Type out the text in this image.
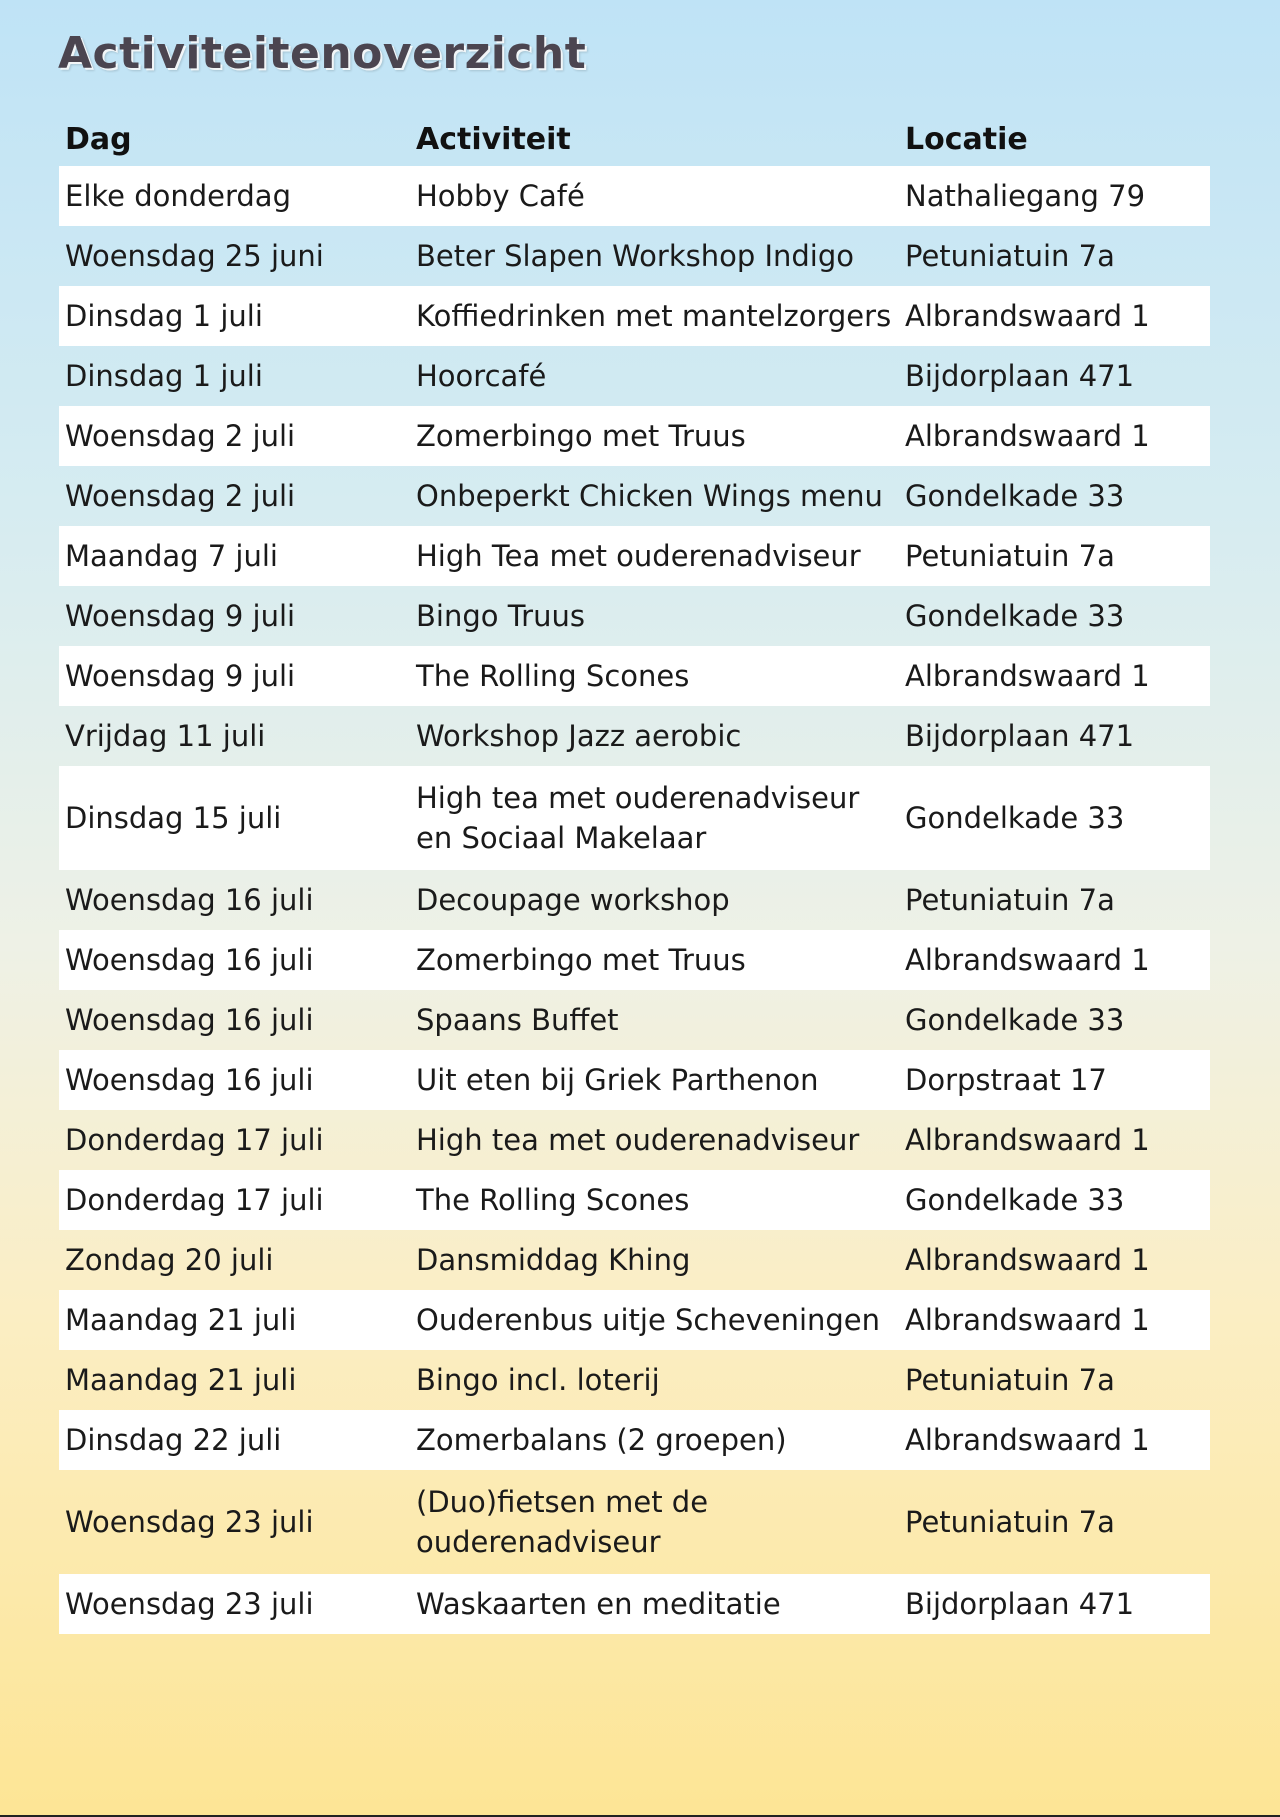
Activiteitenoverzicht
Dag	Activiteit	Locatie
Elke donderdag	Hobby Café	Nathaliegang 79
Woensdag 25 juni	Beter Slapen Workshop Indigo	Petuniatuin 7a
Dinsdag 1 juli	Koffiedrinken met mantelzorgers	Albrandswaard 1
Dinsdag 1 juli	Hoorcafé	Bijdorplaan 471
Woensdag 2 juli	Zomerbingo met Truus	Albrandswaard 1
Woensdag 2 juli	Onbeperkt Chicken Wings menu	Gondelkade 33
Maandag 7 juli	High Tea met ouderenadviseur	Petuniatuin 7a
Woensdag 9 juli	Bingo Truus	Gondelkade 33
Woensdag 9 juli	The Rolling Scones	Albrandswaard 1
Vrijdag 11 juli	Workshop Jazz aerobic	Bijdorplaan 471
Dinsdag 15 juli	High tea met ouderenadviseur en Sociaal Makelaar	Gondelkade 33
Woensdag 16 juli	Decoupage workshop	Petuniatuin 7a
Woensdag 16 juli	Zomerbingo met Truus	Albrandswaard 1
Woensdag 16 juli	Spaans Buffet	Gondelkade 33
Woensdag 16 juli	Uit eten bij Griek Parthenon	Dorpstraat 17
Donderdag 17 juli	High tea met ouderenadviseur	Albrandswaard 1
Donderdag 17 juli	The Rolling Scones	Gondelkade 33
Zondag 20 juli	Dansmiddag Khing	Albrandswaard 1
Maandag 21 juli	Ouderenbus uitje Scheveningen	Albrandswaard 1
Maandag 21 juli	Bingo incl. loterij	Petuniatuin 7a
Dinsdag 22 juli	Zomerbalans (2 groepen)	Albrandswaard 1
Woensdag 23 juli	(Duo)fietsen met de ouderenadviseur	Petuniatuin 7a
Woensdag 23 juli	Waskaarten en meditatie	Bijdorplaan 471
